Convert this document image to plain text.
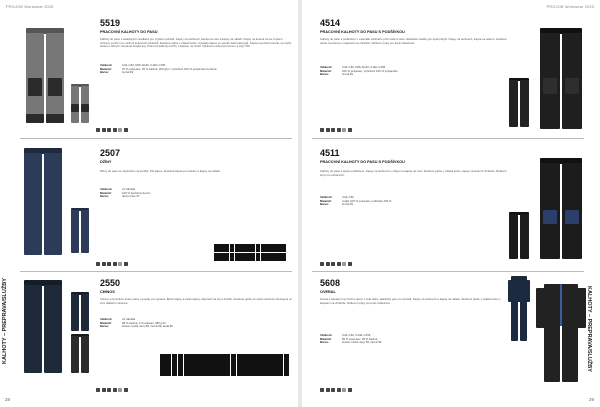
PROJOB Workwear 2025
KALHOTY – PREPRAVA/SLUŽBY
28
5519
PRACOVNÍ KALHOTY DO PASU
Kalhoty do pasu s elastickými vsadkami pro zvýšení pohodlí. Kapsy na stehnech, kapsa na metr a kapsy na nářadí. Kapsy na kolena lze ke zvýšení ochrany použít i pro vložení kolenních chráničů. Zesílené partie v oblasti kolen. Výstelky kapes ve spodní části zakrývají. Kapsa na přední straně, na zadní straně s chlopní. Zesílené dvojité švy. Pracovní kalhoty na PN, s kapsou na mobil. Vybaveno reflexním lemem a zipy YKK.
Velikosti:	C44–C62, D96–D120, C146–C156
Materiál:	70 % polyester, 30 % bavlna, 260 g/m², vyztužení 100 % polyamidu Cordura
Barva:	černá 99
2507
DŽÍNY
Džíny do pasu se zapínáním na knoflík. Pět kapes. Zesílená kapsa pro telefon a kapsy na nářadí.
Velikosti:	viz tabulka
Materiál:	100 % bavlněný denim
Barva:	denim blue 97
2550
CHINOS
Chinos s řemínkem kolem pasu a poutky pro opasek. Boční kapsy a zadní kapsy. Zapínání na zip a knoflík. Zesílené partie pro lepší odolnost. Dostupné ve více délkách nohavice.
Velikosti:	viz tabulka
Materiál:	98 % bavlna, 2 % elastan, 280 g/m²
Barva:	tmavě modrá navy 58, černá 99, šedá 96
PROJOB Workwear 2025
KALHOTY – PREPRAVA/SLUŽBY
29
4514
PRACOVNÍ KALHOTY DO PASU S PODŠÍVKOU
Kalhoty do pasu s podšívkou z materiálu odolného proti vodě a větru. Elastické vsadky pro lepší pohyb. Kapsy na stehnech, kapsa na telefon. Zesílené partie na kolenou s kapsami na chrániče. Reflexní prvky pro lepší viditelnost.
Velikosti:	C46–C62, D96–D120, C146–C156
Materiál:	100 % polyester, vyztužení 100 % polyamidu
Barva:	černá 99
4511
PRACOVNÍ KALHOTY DO PASU S PODŠÍVKOU
Kalhoty do pasu s teplou podšívkou. Kapsy na stehnech s chlopní a kapsa na metr. Zesílené partie v oblasti kolen, kapsy na kolenní chrániče. Reflexní lemy na nohavicích.
Velikosti:	C44–C62
Materiál:	vnější 100 % polyester, podšívka 100 %
Barva:	černá 99
5608
OVERAL
Overal s kapsami na hrudi a zipem v celé délce. Elastický pas pro pohodlí. Kapsy na stehnech a kapsa na nářadí. Zesílené partie v oblasti kolen s kapsami na chrániče. Reflexní prvky pro lepší viditelnost.
Velikosti:	C44–C62, C146–C156
Materiál:	65 % polyester, 35 % bavlna
Barva:	tmavě modrá navy 58, černá 99
